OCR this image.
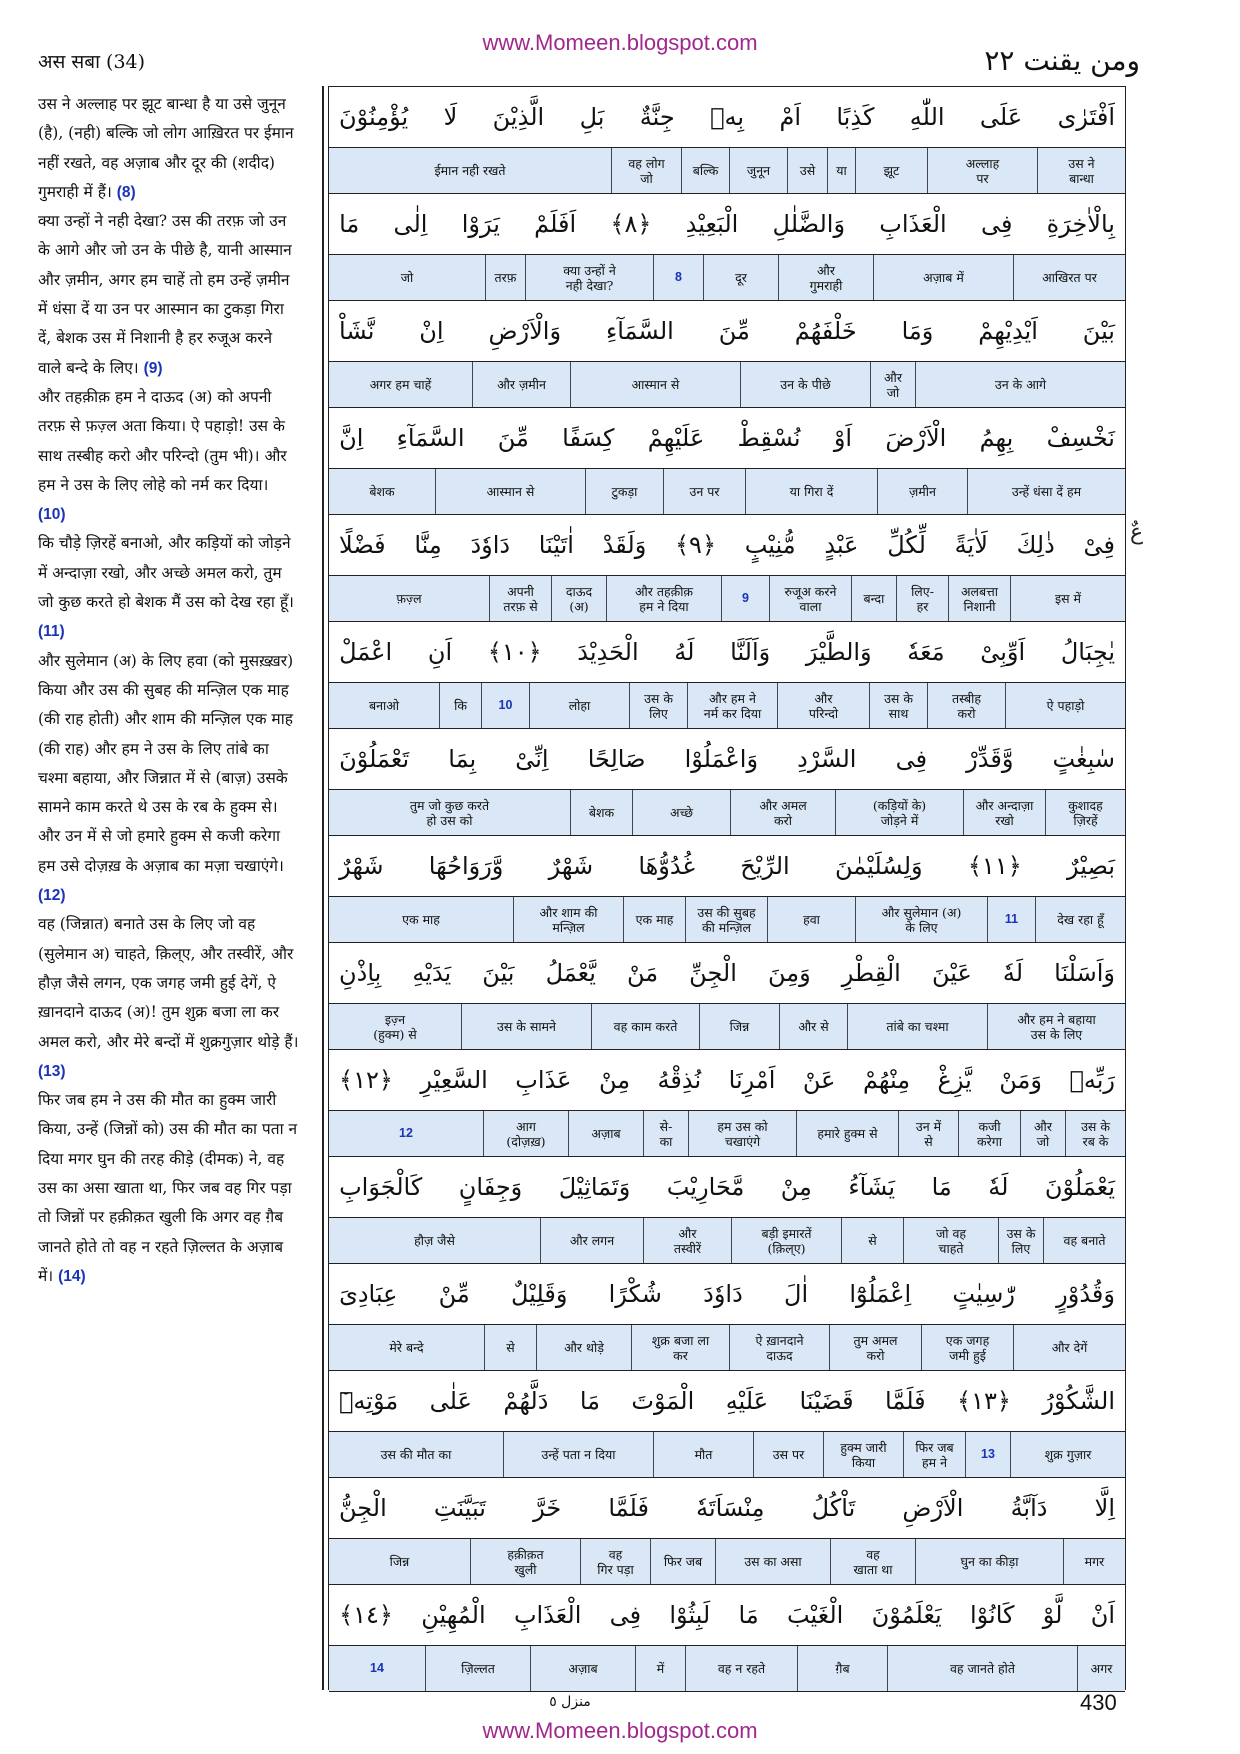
www.Momeen.blogspot.com
अस सबा (34)	ومن يقنت ٢٢

उस ने अल्लाह पर झूट बान्धा है या उसे जुनून (है), (नही) बल्कि जो लोग आख़िरत पर ईमान नहीं रखते, वह अज़ाब और दूर की (शदीद) गुमराही में हैं। (8)

क्या उन्हों ने नही देखा? उस की तरफ़ जो उन के आगे और जो उन के पीछे है, यानी आस्मान और ज़मीन, अगर हम चाहें तो हम उन्हें ज़मीन में धंसा दें या उन पर आस्मान का टुकड़ा गिरा दें, बेशक उस में निशानी है हर रुजूअ करने वाले बन्दे के लिए। (9)

और तहक़ीक़ हम ने दाऊद (अ) को अपनी तरफ़ से फ़ज़्ल अता किया। ऐ पहाड़ो! उस के साथ तस्बीह करो और परिन्दो (तुम भी)। और हम ने उस के लिए लोहे को नर्म कर दिया। (10)

कि चौड़े ज़िरहें बनाओ, और कड़ियों को जोड़ने में अन्दाज़ा रखो, और अच्छे अमल करो, तुम जो कुछ करते हो बेशक मैं उस को देख रहा हूँ। (11)

और सुलेमान (अ) के लिए हवा (को मुसख़्ख़र) किया और उस की सुबह की मन्ज़िल एक माह (की राह होती) और शाम की मन्ज़िल एक माह (की राह) और हम ने उस के लिए तांबे का चश्मा बहाया, और जिन्नात में से (बाज़) उसके सामने काम करते थे उस के रब के हुक्म से। और उन में से जो हमारे हुक्म से कजी करेगा हम उसे दोज़ख़ के अज़ाब का मज़ा चखाएंगे। (12)

वह (जिन्नात) बनाते उस के लिए जो वह (सुलेमान अ) चाहते, क़िल्ए, और तस्वीरें, और हौज़ जैसे लगन, एक जगह जमी हुई देगें, ऐ ख़ानदाने दाऊद (अ)! तुम शुक्र बजा ला कर अमल करो, और मेरे बन्दों में शुक्रगुज़ार थोड़े हैं। (13)

फिर जब हम ने उस की मौत का हुक्म जारी किया, उन्हें (जिन्नों को) उस की मौत का पता न दिया मगर घुन की तरह कीड़े (दीमक) ने, वह उस का असा खाता था, फिर जब वह गिर पड़ा तो जिन्नों पर हक़ीक़त खुली कि अगर वह ग़ैब जानते होते तो वह न रहते ज़िल्लत के अज़ाब में। (14)

اَفْتَرٰى
عَلَى
اللّٰهِ
كَذِبًا
اَمْ
بِهٖ
جِنَّةٌ
بَلِ
الَّذِيْنَ
لَا
يُؤْمِنُوْنَ
उस ने
बान्धा
अल्लाह
पर
झूट
या
उसे
जुनून
बल्कि
वह लोग
जो
ईमान नही रखते
بِالْاٰخِرَةِ
فِى
الْعَذَابِ
وَالضَّلٰلِ
الْبَعِيْدِ
﴿٨﴾
اَفَلَمْ
يَرَوْا
اِلٰى
مَا
आखिरत पर
अज़ाब में
और
गुमराही
दूर
8
क्या उन्हों ने
नही देखा?
तरफ़
जो
بَيْنَ
اَيْدِيْهِمْ
وَمَا
خَلْفَهُمْ
مِّنَ
السَّمَآءِ
وَالْاَرْضِ
اِنْ
نَّشَاْ
उन के आगे
और
जो
उन के पीछे
आस्मान से
और ज़मीन
अगर हम चाहें
نَخْسِفْ
بِهِمُ
الْاَرْضَ
اَوْ
نُسْقِطْ
عَلَيْهِمْ
كِسَفًا
مِّنَ
السَّمَآءِ
اِنَّ
उन्हें धंसा दें हम
ज़मीन
या गिरा दें
उन पर
टुकड़ा
आस्मान से
बेशक
فِىْ
ذٰلِكَ
لَاٰيَةً
لِّكُلِّ
عَبْدٍ
مُّنِيْبٍ
﴿٩﴾
وَلَقَدْ
اٰتَيْنَا
دَاوٗدَ
مِنَّا
فَضْلًا
इस में
अलबत्ता
निशानी
लिए-
हर
बन्दा
रुजूअ करने
वाला
9
और तहक़ीक़
हम ने दिया
दाऊद
(अ)
अपनी
तरफ़ से
फ़ज़्ल
يٰجِبَالُ
اَوِّبِىْ
مَعَهٗ
وَالطَّيْرَ
وَاَلَنَّا
لَهُ
الْحَدِيْدَ
﴿١٠﴾
اَنِ
اعْمَلْ
ऐ पहाड़ो
तस्बीह
करो
उस के
साथ
और
परिन्दो
और हम ने
नर्म कर दिया
उस के
लिए
लोहा
10
कि
बनाओ
سٰبِغٰتٍ
وَّقَدِّرْ
فِى
السَّرْدِ
وَاعْمَلُوْا
صَالِحًا
اِنِّىْ
بِمَا
تَعْمَلُوْنَ
कुशादह
ज़िरहें
और अन्दाज़ा
रखो
(कड़ियों के)
जोड़ने में
और अमल
करो
अच्छे
बेशक
तुम जो कुछ करते
हो उस को
بَصِيْرٌ
﴿١١﴾
وَلِسُلَيْمٰنَ
الرِّيْحَ
غُدُوُّهَا
شَهْرٌ
وَّرَوَاحُهَا
شَهْرٌ
देख रहा हूँ
11
और सुलेमान (अ)
के लिए
हवा
उस की सुबह
की मन्ज़िल
एक माह
और शाम की
मन्ज़िल
एक माह
وَاَسَلْنَا
لَهٗ
عَيْنَ
الْقِطْرِ
وَمِنَ
الْجِنِّ
مَنْ
يَّعْمَلُ
بَيْنَ
يَدَيْهِ
بِاِذْنِ
और हम ने बहाया
उस के लिए
तांबे का चश्मा
और से
जिन्न
वह काम करते
उस के सामने
इज़्न
(हुक्म) से
رَبِّهٖ
وَمَنْ
يَّزِغْ
مِنْهُمْ
عَنْ
اَمْرِنَا
نُذِقْهُ
مِنْ
عَذَابِ
السَّعِيْرِ
﴿١٢﴾
उस के
रब के
और
जो
कजी
करेगा
उन में
से
हमारे हुक्म से
हम उस को
चखाएंगे
से-
का
अज़ाब
आग
(दोज़ख़)
12
يَعْمَلُوْنَ
لَهٗ
مَا
يَشَآءُ
مِنْ
مَّحَارِيْبَ
وَتَمَاثِيْلَ
وَجِفَانٍ
كَالْجَوَابِ
वह बनाते
उस के
लिए
जो वह
चाहते
से
बड़ी इमारतें
(क़िल्ए)
और
तस्वीरें
और लगन
हौज़ जैसे
وَقُدُوْرٍ
رّٰسِيٰتٍ
اِعْمَلُوْٓا
اٰلَ
دَاوٗدَ
شُكْرًا
وَقَلِيْلٌ
مِّنْ
عِبَادِىَ
और देगें
एक जगह
जमी हुई
तुम अमल
करो
ऐ ख़ानदाने
दाऊद
शुक्र बजा ला
कर
और थोड़े
से
मेरे बन्दे
الشَّكُوْرُ
﴿١٣﴾
فَلَمَّا
قَضَيْنَا
عَلَيْهِ
الْمَوْتَ
مَا
دَلَّهُمْ
عَلٰى
مَوْتِهٖٓ
शुक्र गुज़ार
13
फिर जब
हम ने
हुक्म जारी
किया
उस पर
मौत
उन्हें पता न दिया
उस की मौत का
اِلَّا
دَآبَّةُ
الْاَرْضِ
تَاْكُلُ
مِنْسَاَتَهٗ
فَلَمَّا
خَرَّ
تَبَيَّنَتِ
الْجِنُّ
मगर
घुन का कीड़ा
वह
खाता था
उस का असा
फिर जब
वह
गिर पड़ा
हक़ीक़त
खुली
जिन्न
اَنْ
لَّوْ
كَانُوْا
يَعْلَمُوْنَ
الْغَيْبَ
مَا
لَبِثُوْا
فِى
الْعَذَابِ
الْمُهِيْنِ
﴿١٤﴾
अगर
वह जानते होते
ग़ैब
वह न रहते
में
अज़ाब
ज़िल्लत
14
عٌ
منزل ٥	430
www.Momeen.blogspot.com
